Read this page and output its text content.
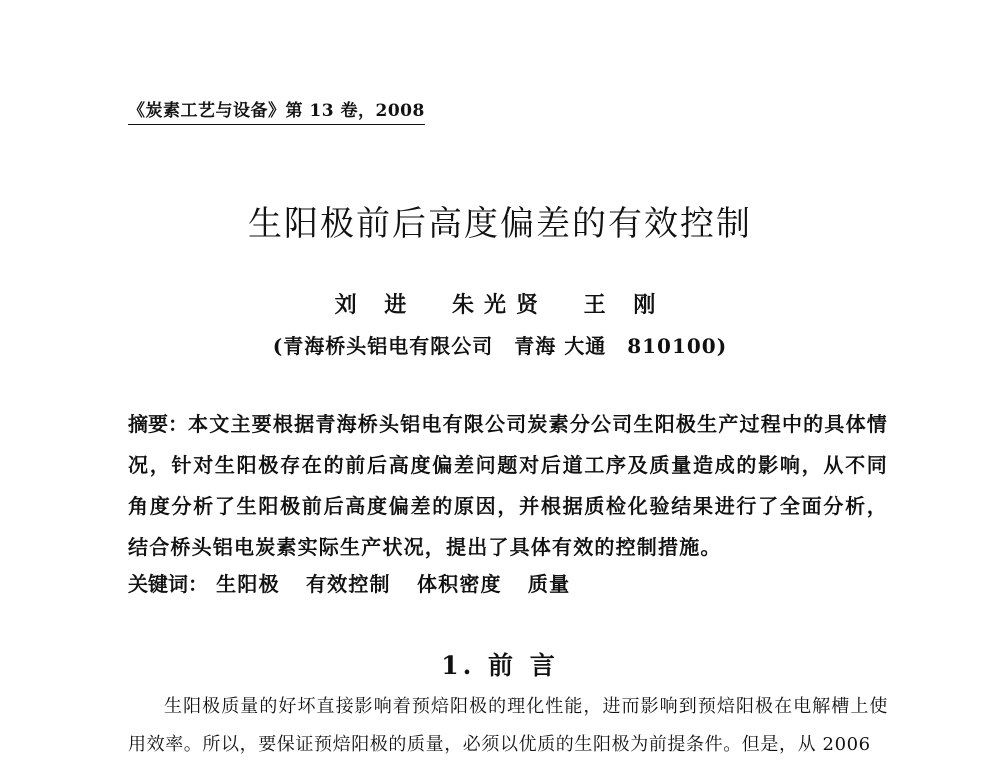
《炭素工艺与设备》第 13 卷，2008
生阳极前后高度偏差的有效控制
刘 进 朱光贤 王 刚
(青海桥头铝电有限公司　青海 大通　810100)
摘要：本文主要根据青海桥头铝电有限公司炭素分公司生阳极生产过程中的具体情况，针对生阳极存在的前后高度偏差问题对后道工序及质量造成的影响，从不同角度分析了生阳极前后高度偏差的原因，并根据质检化验结果进行了全面分析，结合桥头铝电炭素实际生产状况，提出了具体有效的控制措施。
关键词： 生阳极 有效控制 体积密度 质量
1. 前 言
生阳极质量的好坏直接影响着预焙阳极的理化性能，进而影响到预焙阳极在电解槽上使用效率。所以，要保证预焙阳极的质量，必须以优质的生阳极为前提条件。但是，从 2006
